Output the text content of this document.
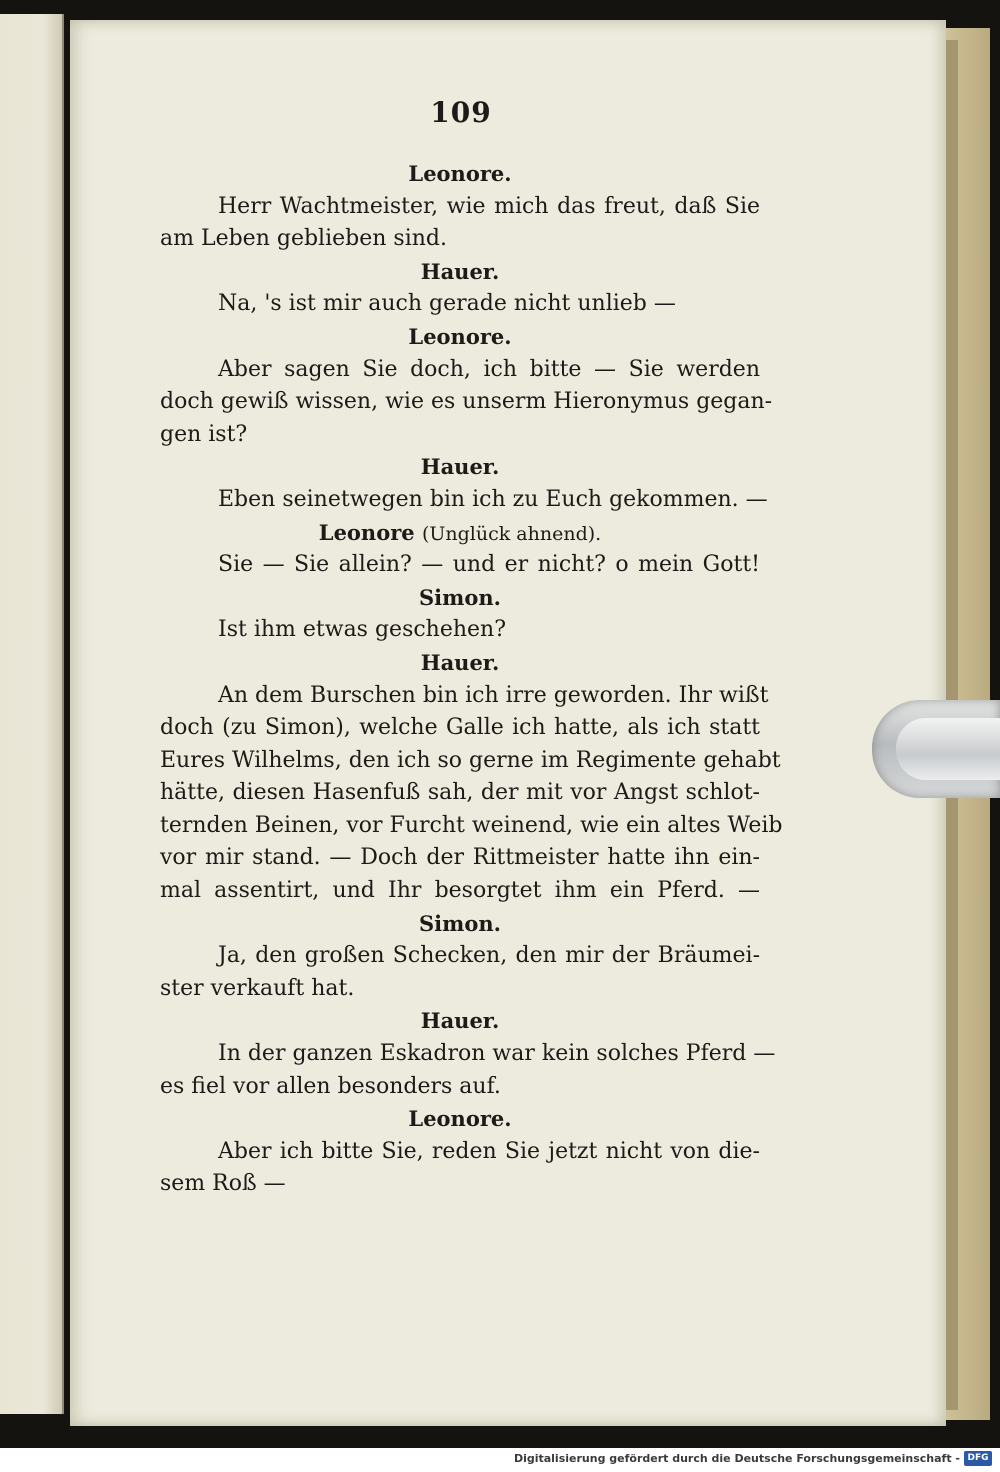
109
Leonore.
Herr Wachtmeister, wie mich das freut, daß Sie
am Leben geblieben sind.
Hauer.
Na, 's ist mir auch gerade nicht unlieb —
Leonore.
Aber sagen Sie doch, ich bitte — Sie werden
doch gewiß wissen, wie es unserm Hieronymus gegan-
gen ist?
Hauer.
Eben seinetwegen bin ich zu Euch gekommen. —
Leonore (Unglück ahnend).
Sie — Sie allein? — und er nicht? o mein Gott!
Simon.
Ist ihm etwas geschehen?
Hauer.
An dem Burschen bin ich irre geworden. Ihr wißt
doch (zu Simon), welche Galle ich hatte, als ich statt
Eures Wilhelms, den ich so gerne im Regimente gehabt
hätte, diesen Hasenfuß sah, der mit vor Angst schlot-
ternden Beinen, vor Furcht weinend, wie ein altes Weib
vor mir stand. — Doch der Rittmeister hatte ihn ein-
mal assentirt, und Ihr besorgtet ihm ein Pferd. —
Simon.
Ja, den großen Schecken, den mir der Bräumei-
ster verkauft hat.
Hauer.
In der ganzen Eskadron war kein solches Pferd —
es fiel vor allen besonders auf.
Leonore.
Aber ich bitte Sie, reden Sie jetzt nicht von die-
sem Roß —
Digitalisierung gefördert durch die Deutsche Forschungsgemeinschaft - DFG
